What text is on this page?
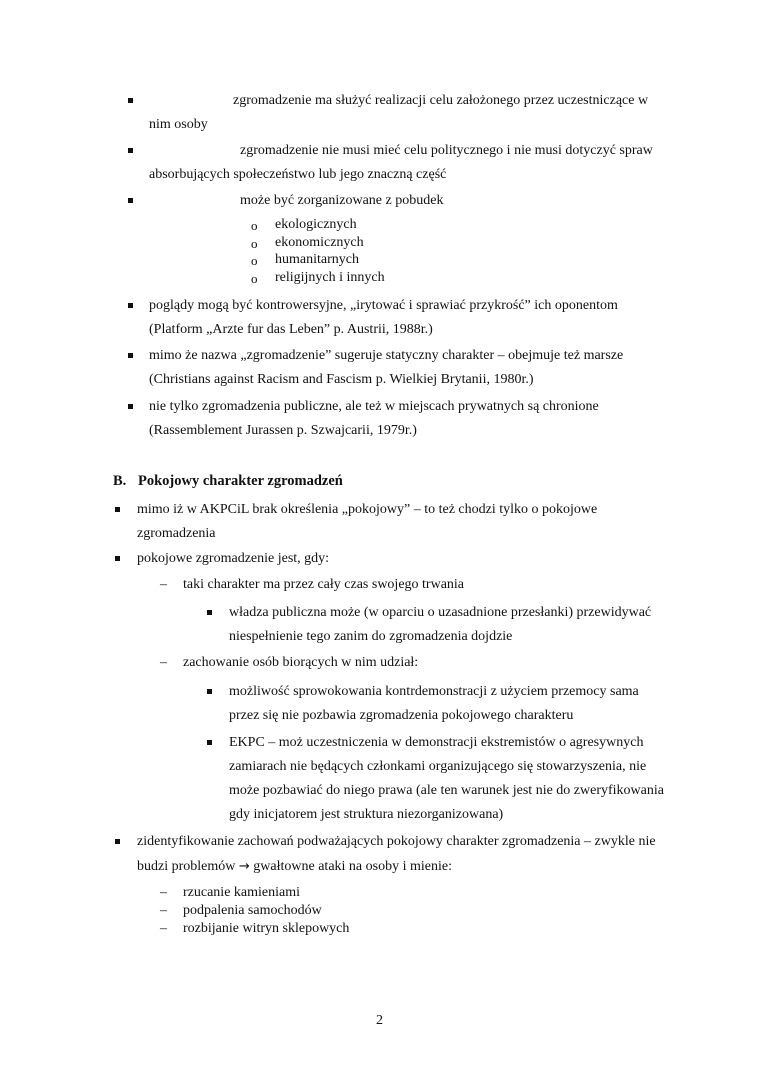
zgromadzenie ma służyć realizacji celu założonego przez uczestniczące w
nim osoby
zgromadzenie nie musi mieć celu politycznego i nie musi dotyczyć spraw
absorbujących społeczeństwo lub jego znaczną część
może być zorganizowane z pobudek
o ekologicznych
o ekonomicznych
o humanitarnych
o religijnych i innych
poglądy mogą być kontrowersyjne, „irytować i sprawiać przykrość” ich oponentom
(Platform „Arzte fur das Leben” p. Austrii, 1988r.)
mimo że nazwa „zgromadzenie” sugeruje statyczny charakter – obejmuje też marsze
(Christians against Racism and Fascism p. Wielkiej Brytanii, 1980r.)
nie tylko zgromadzenia publiczne, ale też w miejscach prywatnych są chronione
(Rassemblement Jurassen p. Szwajcarii, 1979r.)
B. Pokojowy charakter zgromadzeń
mimo iż w AKPCiL brak określenia „pokojowy” – to też chodzi tylko o pokojowe
zgromadzenia
pokojowe zgromadzenie jest, gdy:
– taki charakter ma przez cały czas swojego trwania
władza publiczna może (w oparciu o uzasadnione przesłanki) przewidywać
niespełnienie tego zanim do zgromadzenia dojdzie
– zachowanie osób biorących w nim udział:
możliwość sprowokowania kontrdemonstracji z użyciem przemocy sama
przez się nie pozbawia zgromadzenia pokojowego charakteru
EKPC – moż uczestniczenia w demonstracji ekstremistów o agresywnych
zamiarach nie będących członkami organizującego się stowarzyszenia, nie
może pozbawiać do niego prawa (ale ten warunek jest nie do zweryfikowania
gdy inicjatorem jest struktura niezorganizowana)
zidentyfikowanie zachowań podważających pokojowy charakter zgromadzenia – zwykle nie
budzi problemów → gwałtowne ataki na osoby i mienie:
– rzucanie kamieniami
– podpalenia samochodów
– rozbijanie witryn sklepowych
2
